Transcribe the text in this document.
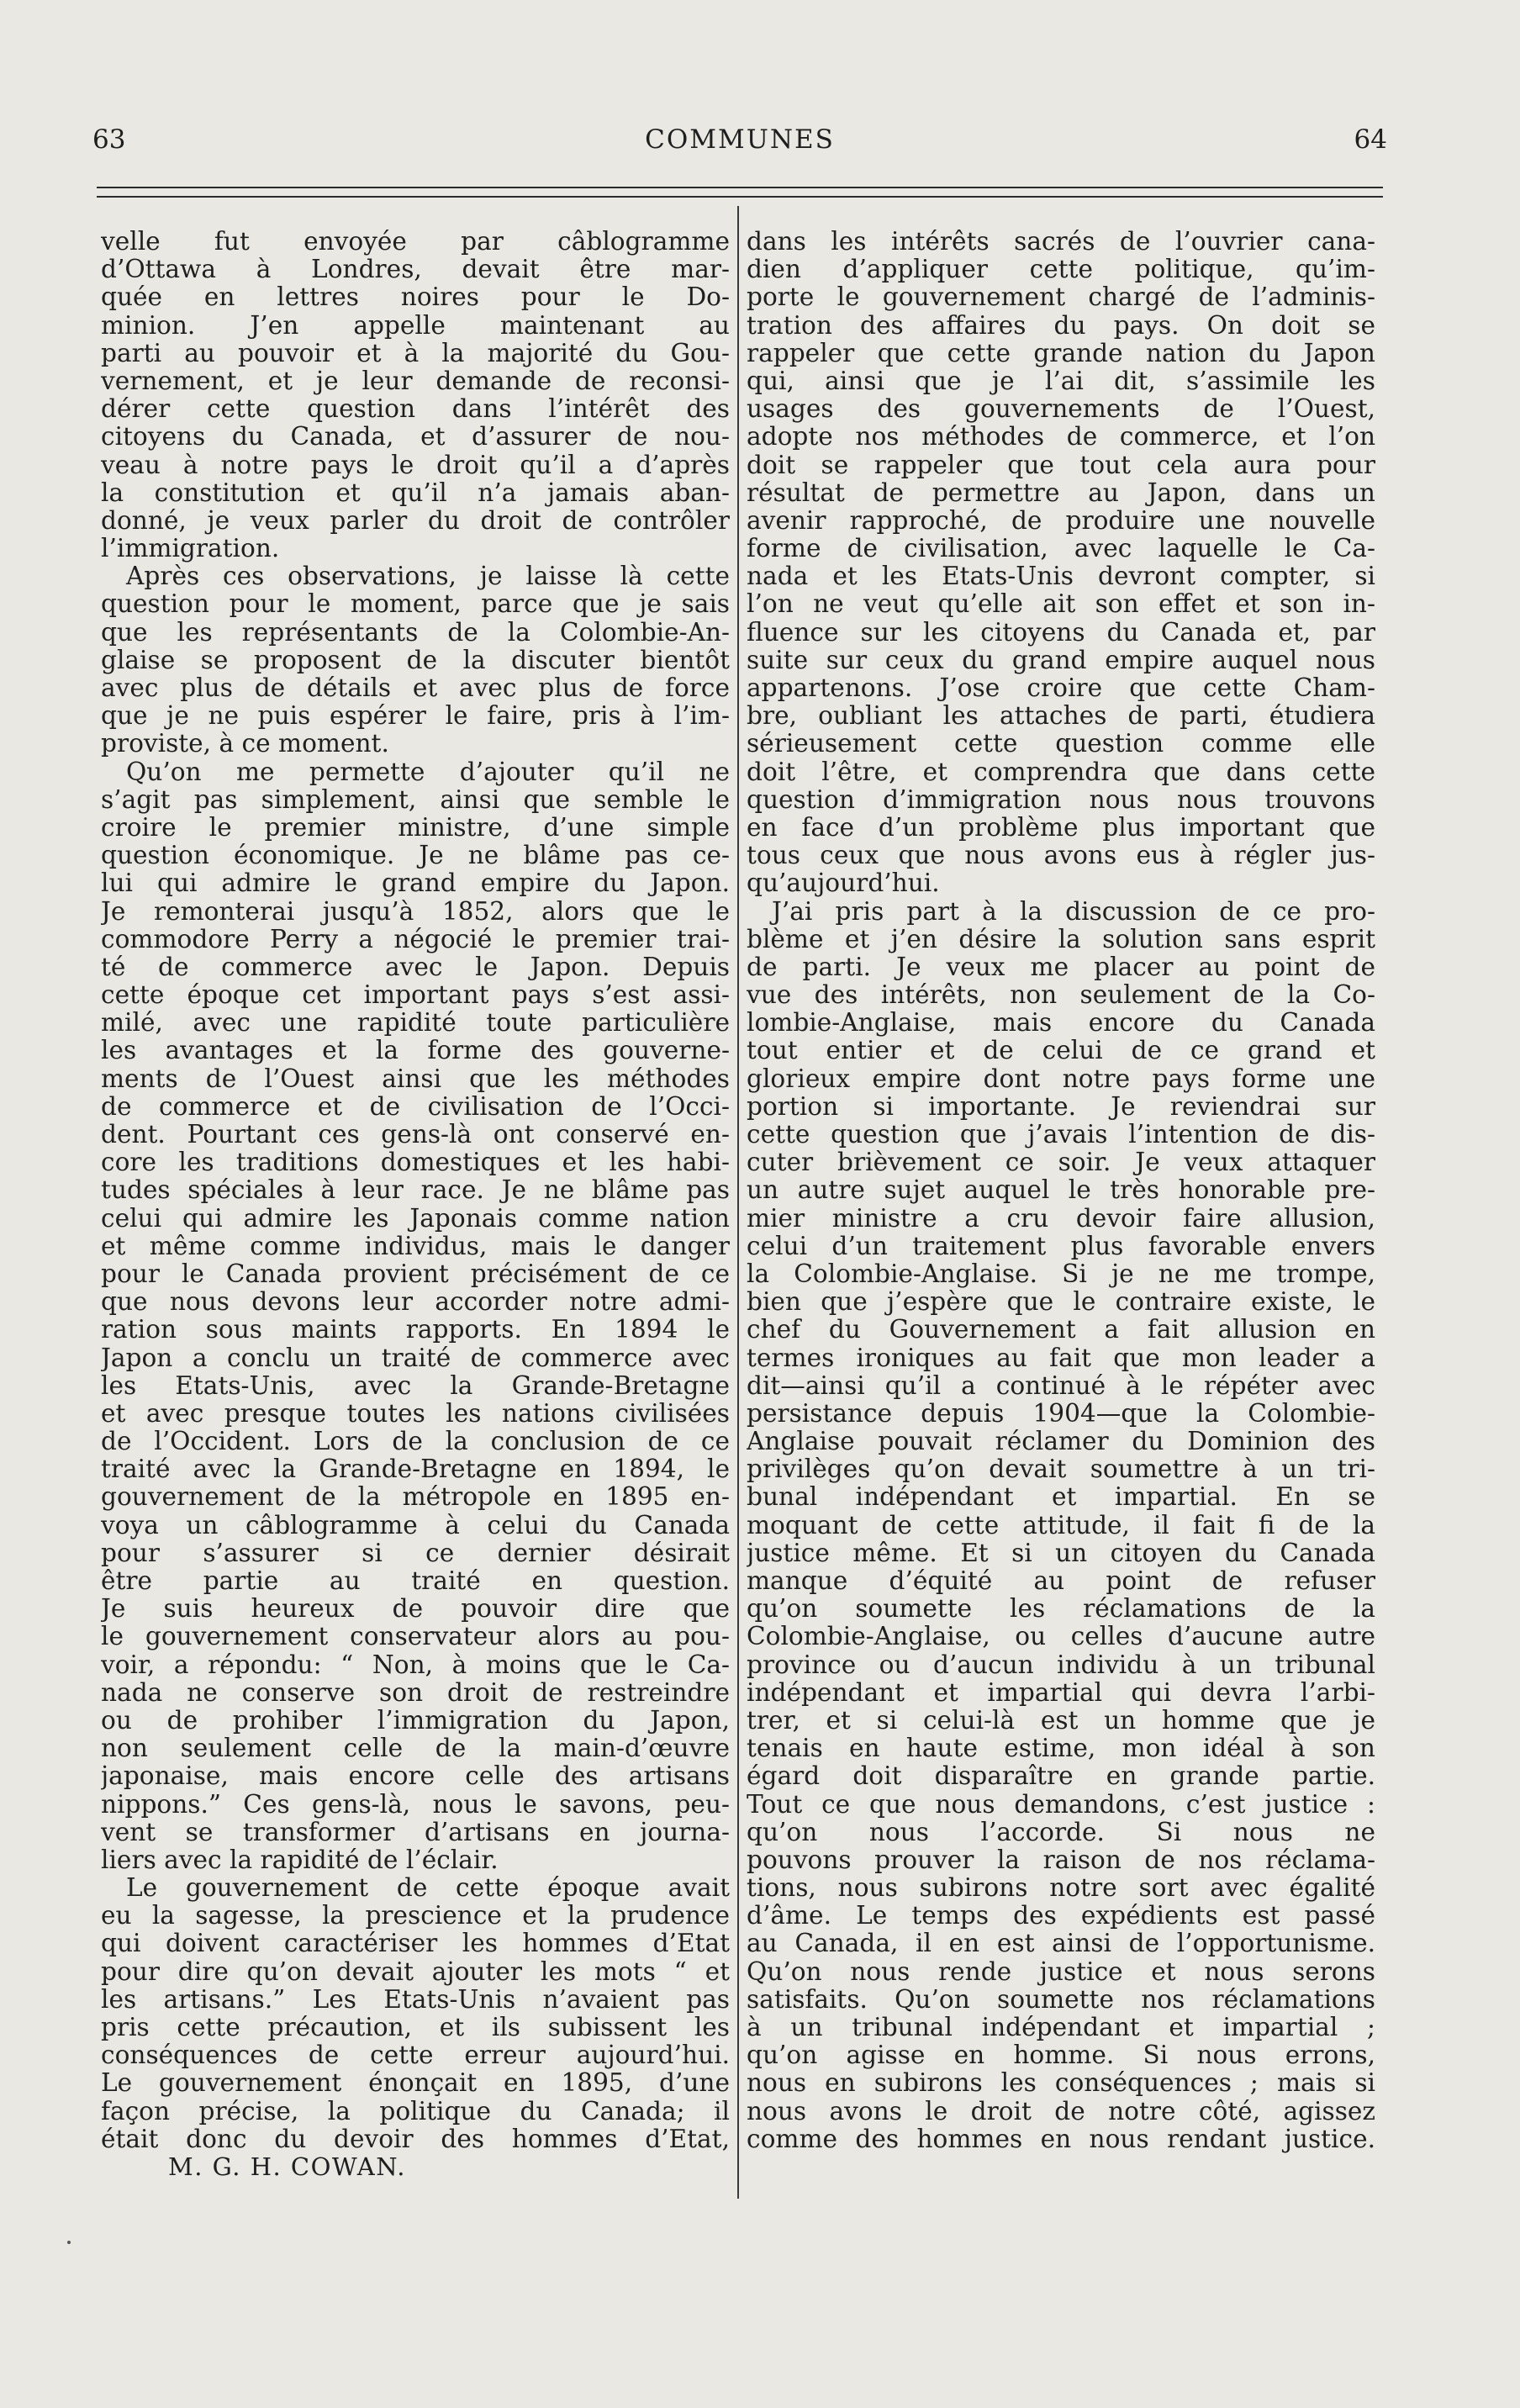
63	COMMUNES	64
velle fut envoyée par câblogramme
d’Ottawa à Londres, devait être mar-
quée en lettres noires pour le Do-
minion. J’en appelle maintenant au
parti au pouvoir et à la majorité du Gou-
vernement, et je leur demande de reconsi-
dérer cette question dans l’intérêt des
citoyens du Canada, et d’assurer de nou-
veau à notre pays le droit qu’il a d’après
la constitution et qu’il n’a jamais aban-
donné, je veux parler du droit de contrôler
l’immigration.
Après ces observations, je laisse là cette
question pour le moment, parce que je sais
que les représentants de la Colombie-An-
glaise se proposent de la discuter bientôt
avec plus de détails et avec plus de force
que je ne puis espérer le faire, pris à l’im-
proviste, à ce moment.
Qu’on me permette d’ajouter qu’il ne
s’agit pas simplement, ainsi que semble le
croire le premier ministre, d’une simple
question économique. Je ne blâme pas ce-
lui qui admire le grand empire du Japon.
Je remonterai jusqu’à 1852, alors que le
commodore Perry a négocié le premier trai-
té de commerce avec le Japon. Depuis
cette époque cet important pays s’est assi-
milé, avec une rapidité toute particulière
les avantages et la forme des gouverne-
ments de l’Ouest ainsi que les méthodes
de commerce et de civilisation de l’Occi-
dent. Pourtant ces gens-là ont conservé en-
core les traditions domestiques et les habi-
tudes spéciales à leur race. Je ne blâme pas
celui qui admire les Japonais comme nation
et même comme individus, mais le danger
pour le Canada provient précisément de ce
que nous devons leur accorder notre admi-
ration sous maints rapports. En 1894 le
Japon a conclu un traité de commerce avec
les Etats-Unis, avec la Grande-Bretagne
et avec presque toutes les nations civilisées
de l’Occident. Lors de la conclusion de ce
traité avec la Grande-Bretagne en 1894, le
gouvernement de la métropole en 1895 en-
voya un câblogramme à celui du Canada
pour s’assurer si ce dernier désirait
être partie au traité en question.
Je suis heureux de pouvoir dire que
le gouvernement conservateur alors au pou-
voir, a répondu: “ Non, à moins que le Ca-
nada ne conserve son droit de restreindre
ou de prohiber l’immigration du Japon,
non seulement celle de la main-d’œuvre
japonaise, mais encore celle des artisans
nippons.” Ces gens-là, nous le savons, peu-
vent se transformer d’artisans en journa-
liers avec la rapidité de l’éclair.
Le gouvernement de cette époque avait
eu la sagesse, la prescience et la prudence
qui doivent caractériser les hommes d’Etat
pour dire qu’on devait ajouter les mots “ et
les artisans.” Les Etats-Unis n’avaient pas
pris cette précaution, et ils subissent les
conséquences de cette erreur aujourd’hui.
Le gouvernement énonçait en 1895, d’une
façon précise, la politique du Canada; il
était donc du devoir des hommes d’Etat,
M. G. H. COWAN.
dans les intérêts sacrés de l’ouvrier cana-
dien d’appliquer cette politique, qu’im-
porte le gouvernement chargé de l’adminis-
tration des affaires du pays. On doit se
rappeler que cette grande nation du Japon
qui, ainsi que je l’ai dit, s’assimile les
usages des gouvernements de l’Ouest,
adopte nos méthodes de commerce, et l’on
doit se rappeler que tout cela aura pour
résultat de permettre au Japon, dans un
avenir rapproché, de produire une nouvelle
forme de civilisation, avec laquelle le Ca-
nada et les Etats-Unis devront compter, si
l’on ne veut qu’elle ait son effet et son in-
fluence sur les citoyens du Canada et, par
suite sur ceux du grand empire auquel nous
appartenons. J’ose croire que cette Cham-
bre, oubliant les attaches de parti, étudiera
sérieusement cette question comme elle
doit l’être, et comprendra que dans cette
question d’immigration nous nous trouvons
en face d’un problème plus important que
tous ceux que nous avons eus à régler jus-
qu’aujourd’hui.
J’ai pris part à la discussion de ce pro-
blème et j’en désire la solution sans esprit
de parti. Je veux me placer au point de
vue des intérêts, non seulement de la Co-
lombie-Anglaise, mais encore du Canada
tout entier et de celui de ce grand et
glorieux empire dont notre pays forme une
portion si importante. Je reviendrai sur
cette question que j’avais l’intention de dis-
cuter brièvement ce soir. Je veux attaquer
un autre sujet auquel le très honorable pre-
mier ministre a cru devoir faire allusion,
celui d’un traitement plus favorable envers
la Colombie-Anglaise. Si je ne me trompe,
bien que j’espère que le contraire existe, le
chef du Gouvernement a fait allusion en
termes ironiques au fait que mon leader a
dit—ainsi qu’il a continué à le répéter avec
persistance depuis 1904—que la Colombie-
Anglaise pouvait réclamer du Dominion des
privilèges qu’on devait soumettre à un tri-
bunal indépendant et impartial. En se
moquant de cette attitude, il fait fi de la
justice même. Et si un citoyen du Canada
manque d’équité au point de refuser
qu’on soumette les réclamations de la
Colombie-Anglaise, ou celles d’aucune autre
province ou d’aucun individu à un tribunal
indépendant et impartial qui devra l’arbi-
trer, et si celui-là est un homme que je
tenais en haute estime, mon idéal à son
égard doit disparaître en grande partie.
Tout ce que nous demandons, c’est justice :
qu’on nous l’accorde. Si nous ne
pouvons prouver la raison de nos réclama-
tions, nous subirons notre sort avec égalité
d’âme. Le temps des expédients est passé
au Canada, il en est ainsi de l’opportunisme.
Qu’on nous rende justice et nous serons
satisfaits. Qu’on soumette nos réclamations
à un tribunal indépendant et impartial ;
qu’on agisse en homme. Si nous errons,
nous en subirons les conséquences ; mais si
nous avons le droit de notre côté, agissez
comme des hommes en nous rendant justice.
